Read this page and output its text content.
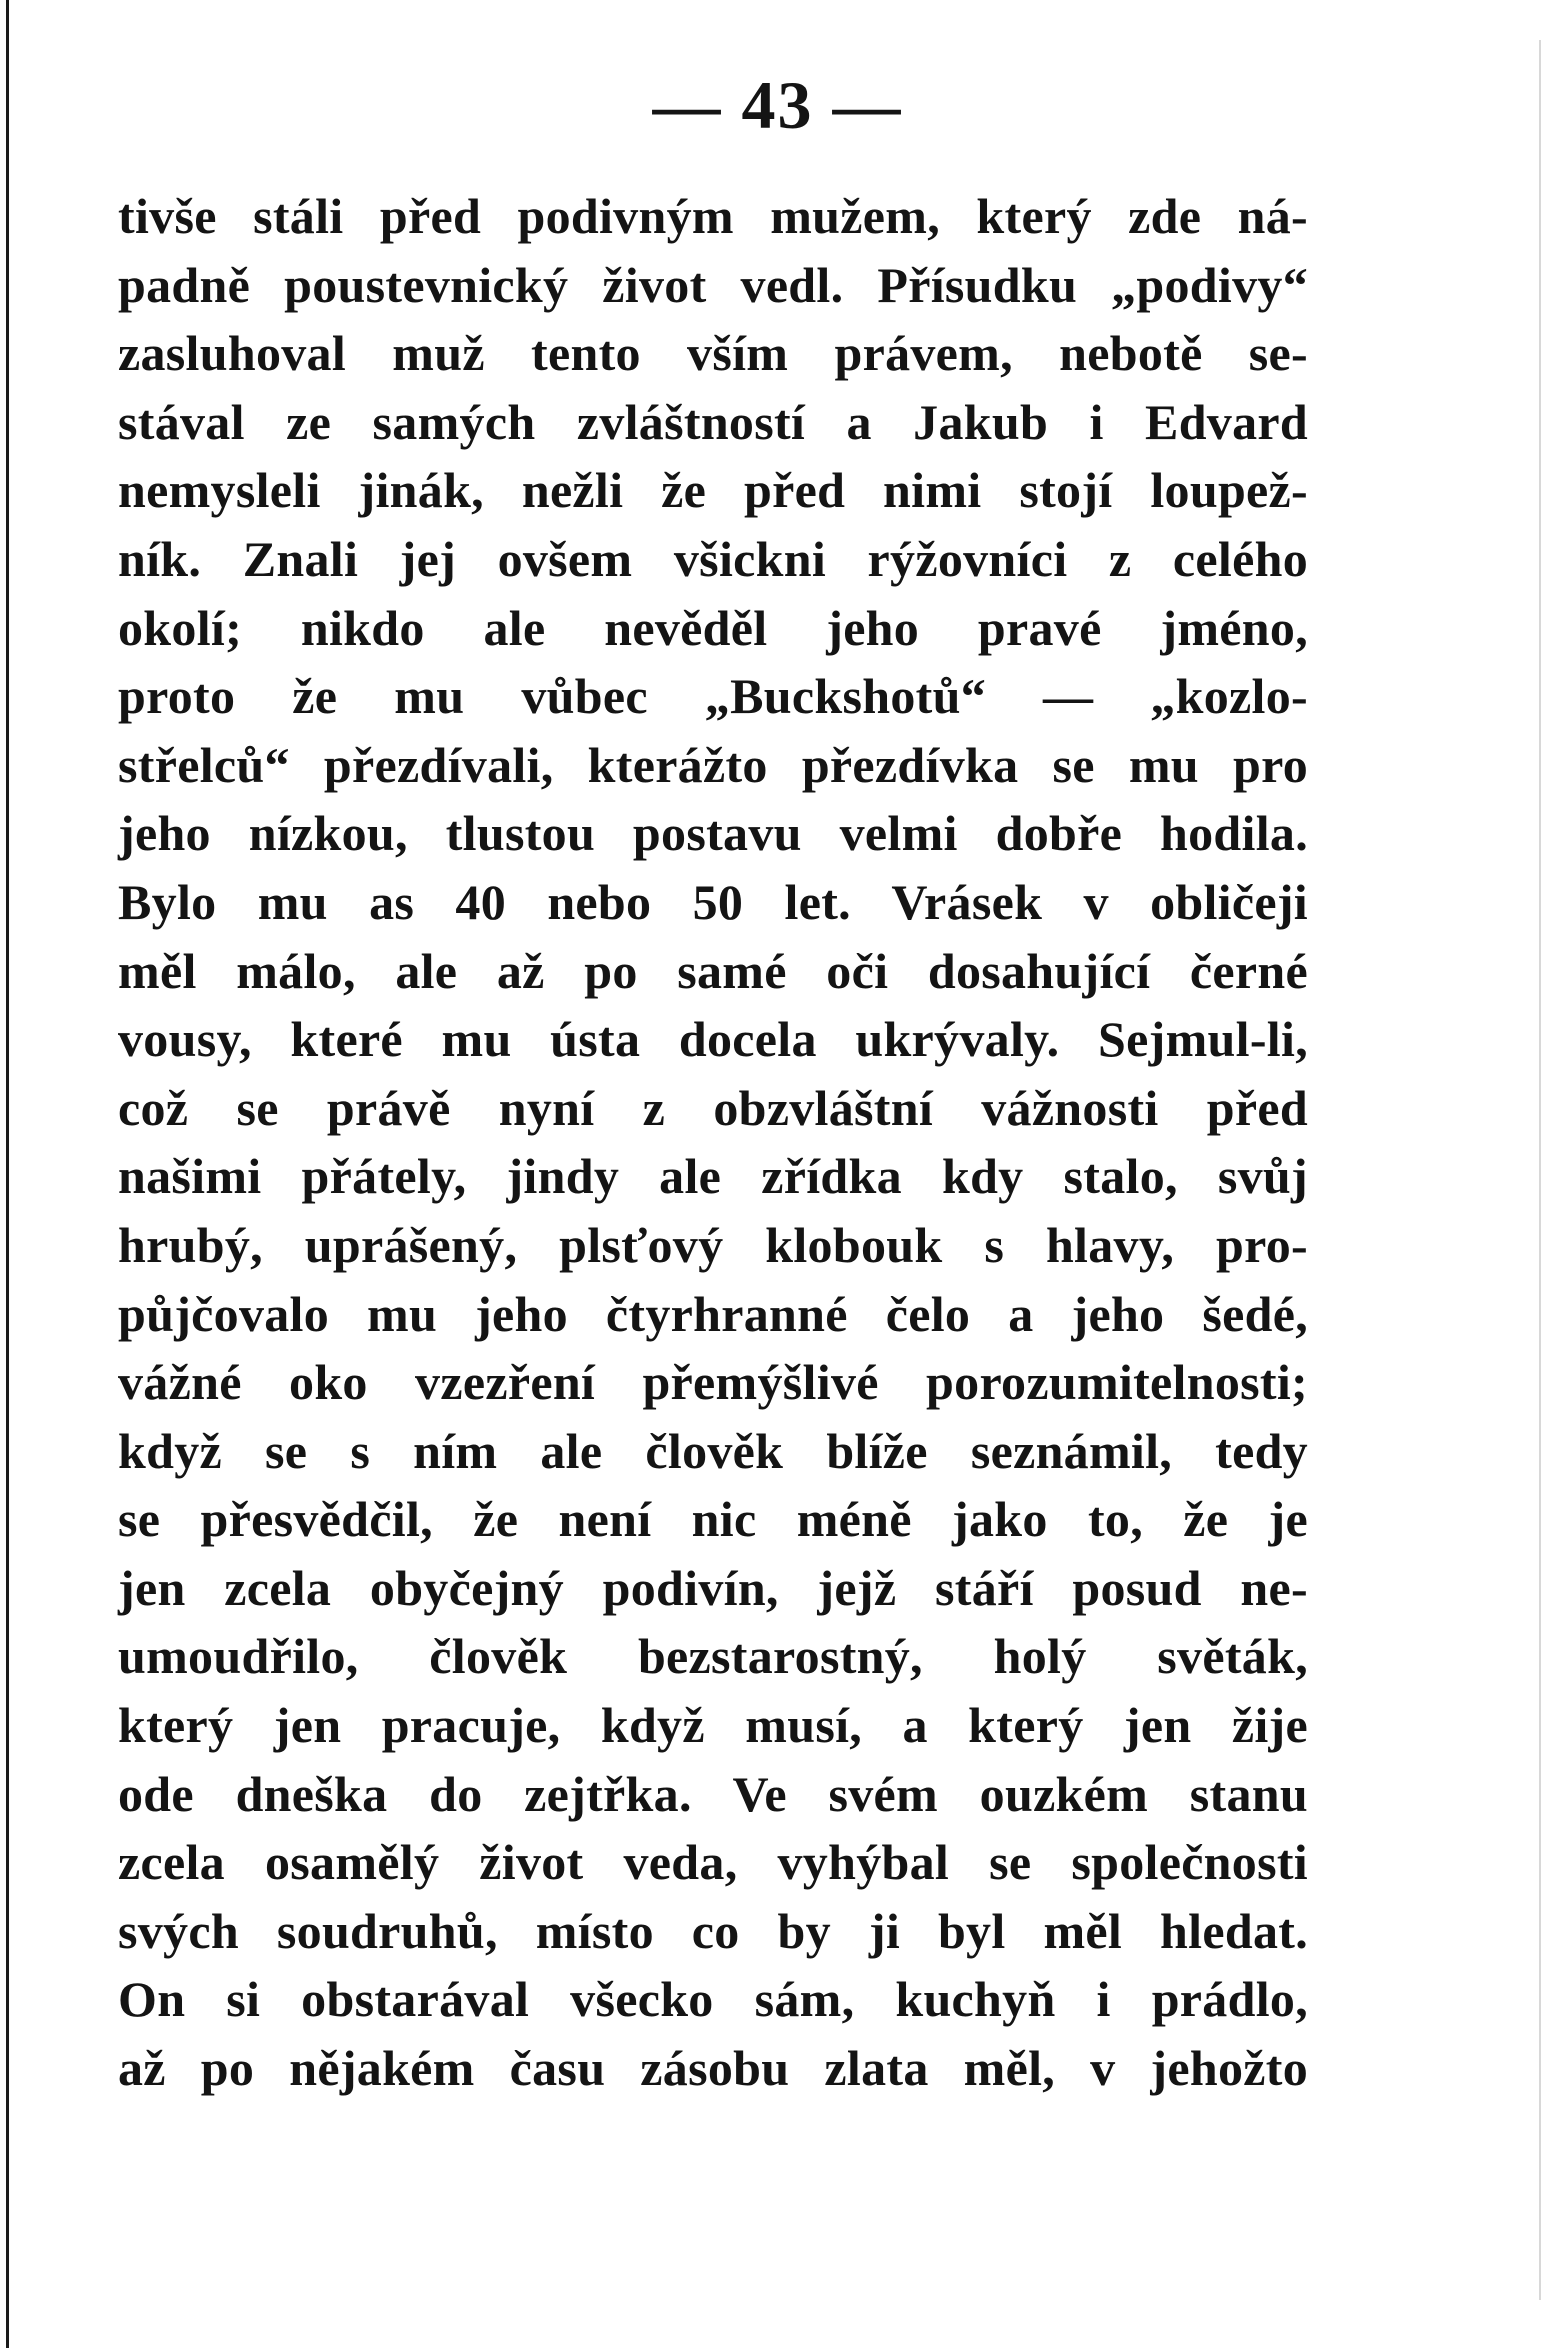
— 43 —
tivše stáli před podivným mužem, který zde ná-
padně poustevnický život vedl. Přísudku „podivy“
zasluhoval muž tento vším právem, nebotě se-
stával ze samých zvláštností a Jakub i Edvard
nemysleli jinák, nežli že před nimi stojí loupež-
ník. Znali jej ovšem všickni rýžovníci z celého
okolí; nikdo ale nevěděl jeho pravé jméno,
proto že mu vůbec „Buckshotů“ — „kozlo-
střelců“ přezdívali, kterážto přezdívka se mu pro
jeho nízkou, tlustou postavu velmi dobře hodila.
Bylo mu as 40 nebo 50 let. Vrásek v obličeji
měl málo, ale až po samé oči dosahující černé
vousy, které mu ústa docela ukrývaly. Sejmul-li,
což se právě nyní z obzvláštní vážnosti před
našimi přátely, jindy ale zřídka kdy stalo, svůj
hrubý, uprášený, plsťový klobouk s hlavy, pro-
půjčovalo mu jeho čtyrhranné čelo a jeho šedé,
vážné oko vzezření přemýšlivé porozumitelnosti;
když se s ním ale člověk blíže seznámil, tedy
se přesvědčil, že není nic méně jako to, že je
jen zcela obyčejný podivín, jejž stáří posud ne-
umoudřilo, člověk bezstarostný, holý světák,
který jen pracuje, když musí, a který jen žije
ode dneška do zejtřka. Ve svém ouzkém stanu
zcela osamělý život veda, vyhýbal se společnosti
svých soudruhů, místo co by ji byl měl hledat.
On si obstarával všecko sám, kuchyň i prádlo,
až po nějakém času zásobu zlata měl, v jehožto
